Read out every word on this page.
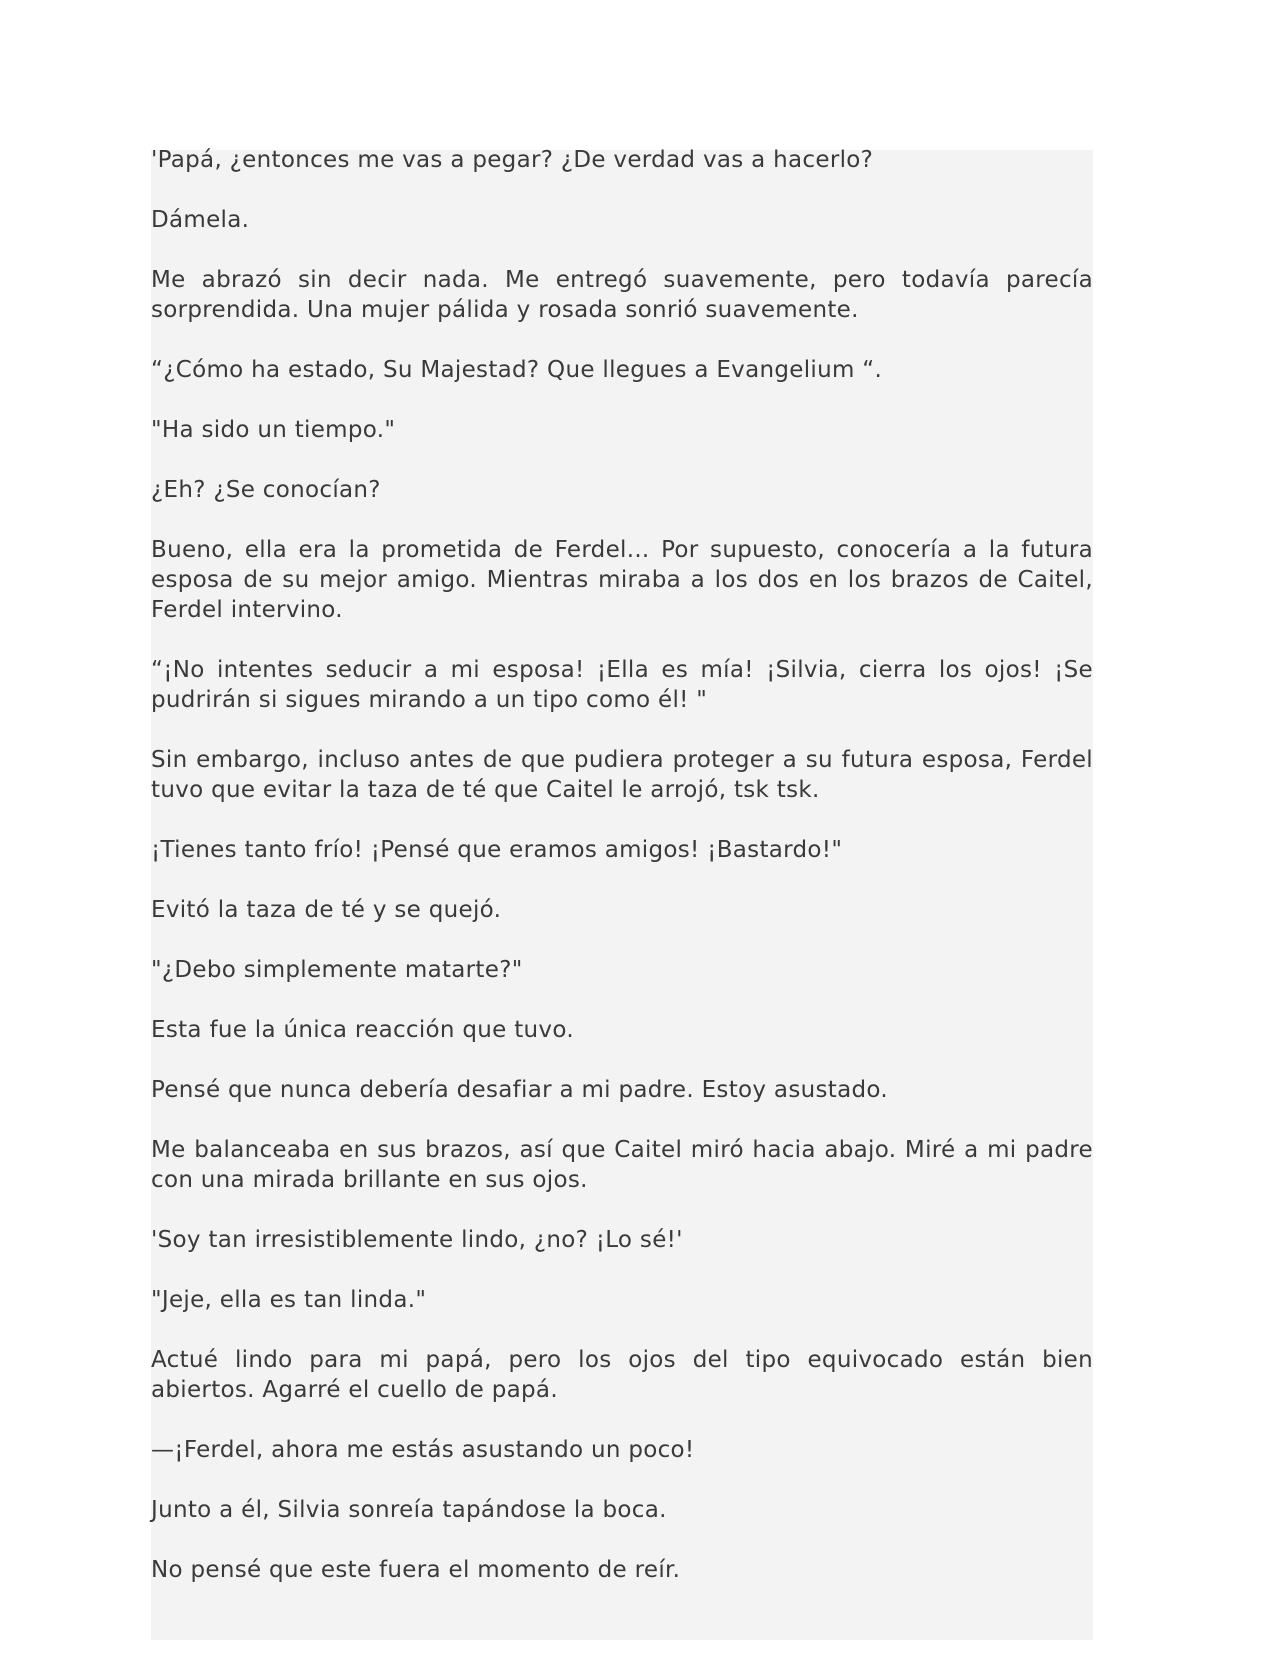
'Papá, ¿entonces me vas a pegar? ¿De verdad vas a hacerlo?

Dámela.

Me abrazó sin decir nada. Me entregó suavemente, pero todavía parecía sorprendida. Una mujer pálida y rosada sonrió suavemente.

“¿Cómo ha estado, Su Majestad? Que llegues a Evangelium “.

"Ha sido un tiempo."

¿Eh? ¿Se conocían?

Bueno, ella era la prometida de Ferdel... Por supuesto, conocería a la futura esposa de su mejor amigo. Mientras miraba a los dos en los brazos de Caitel, Ferdel intervino.

“¡No intentes seducir a mi esposa! ¡Ella es mía! ¡Silvia, cierra los ojos! ¡Se pudrirán si sigues mirando a un tipo como él! "

Sin embargo, incluso antes de que pudiera proteger a su futura esposa, Ferdel tuvo que evitar la taza de té que Caitel le arrojó, tsk tsk.

¡Tienes tanto frío! ¡Pensé que eramos amigos! ¡Bastardo!"

Evitó la taza de té y se quejó.

"¿Debo simplemente matarte?"

Esta fue la única reacción que tuvo.

Pensé que nunca debería desafiar a mi padre. Estoy asustado.

Me balanceaba en sus brazos, así que Caitel miró hacia abajo. Miré a mi padre con una mirada brillante en sus ojos.

'Soy tan irresistiblemente lindo, ¿no? ¡Lo sé!'

"Jeje, ella es tan linda."

Actué lindo para mi papá, pero los ojos del tipo equivocado están bien abiertos. Agarré el cuello de papá.

—¡Ferdel, ahora me estás asustando un poco!

Junto a él, Silvia sonreía tapándose la boca.

No pensé que este fuera el momento de reír.
